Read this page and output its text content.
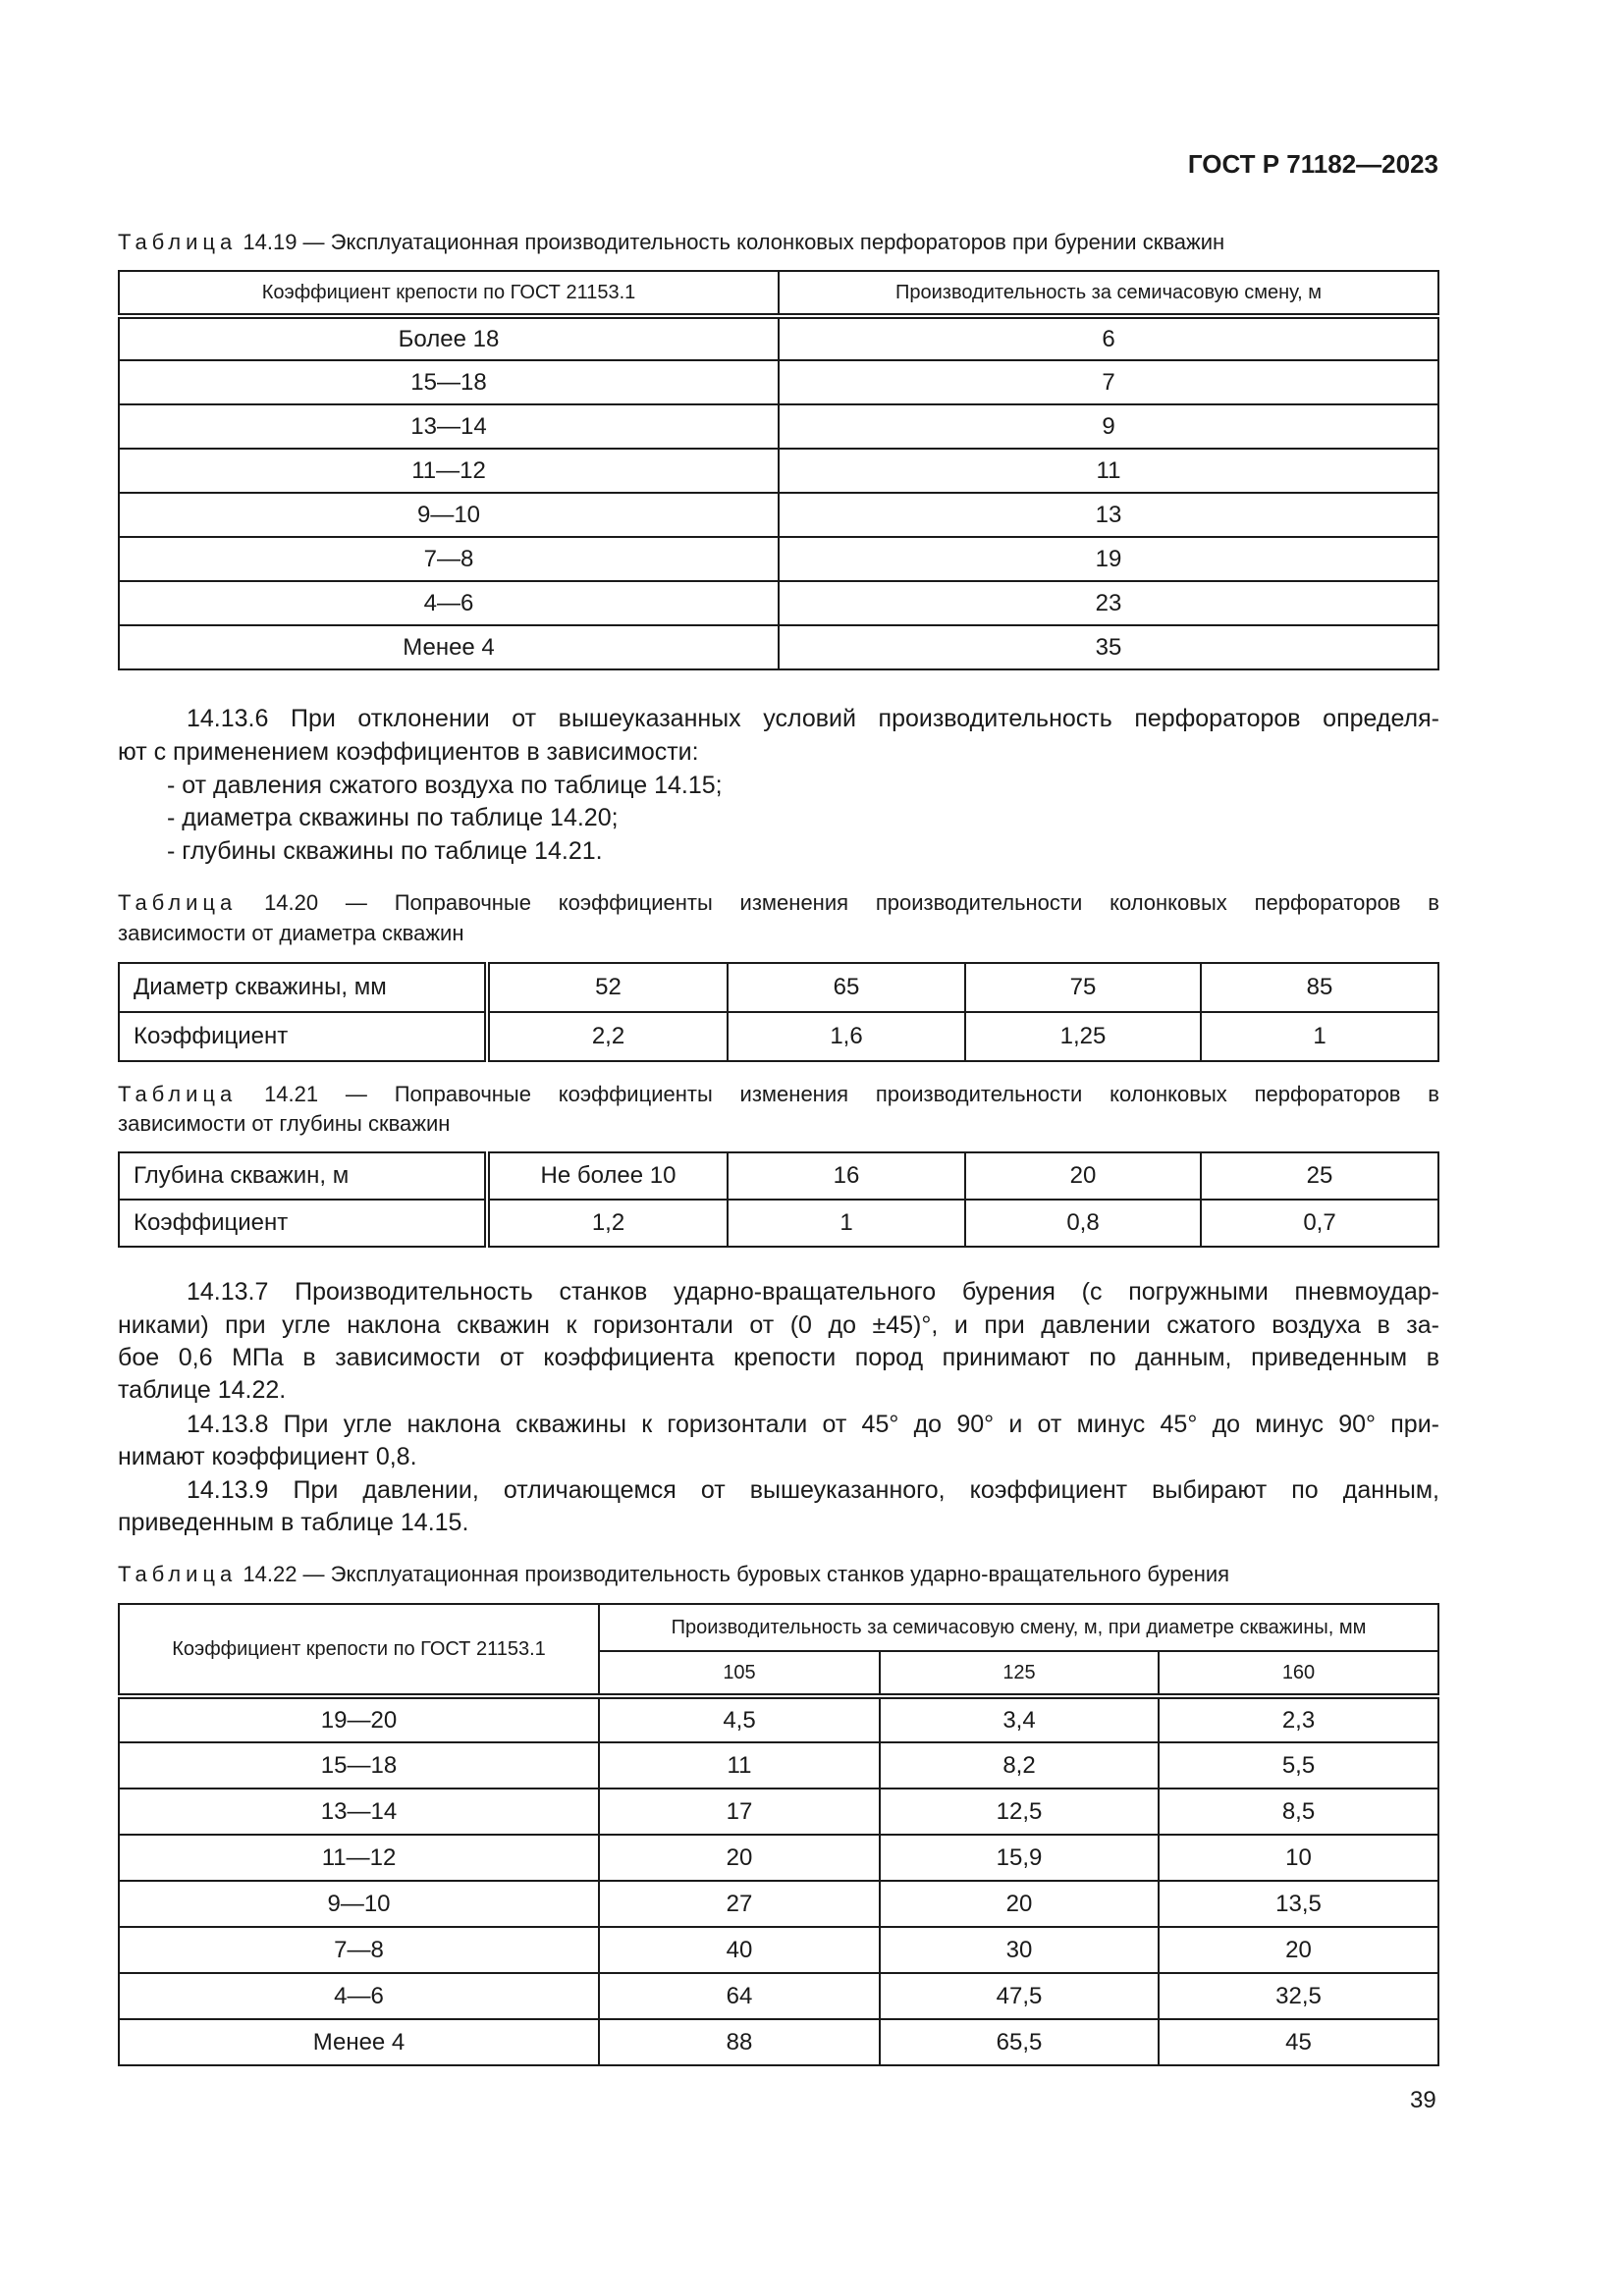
ГОСТ Р 71182—2023
Таблица 14.19 — Эксплуатационная производительность колонковых перфораторов при бурении скважин
Коэффициент крепости по ГОСТ 21153.1	Производительность за семичасовую смену, м
Более 18	6
15—18	7
13—14	9
11—12	11
9—10	13
7—8	19
4—6	23
Менее 4	35
14.13.6 При отклонении от вышеуказанных условий производительность перфораторов определя-
ют с применением коэффициентов в зависимости:
- от давления сжатого воздуха по таблице 14.15;
- диаметра скважины по таблице 14.20;
- глубины скважины по таблице 14.21.
Таблица 14.20 — Поправочные коэффициенты изменения производительности колонковых перфораторов в
зависимости от диаметра скважин
Диаметр скважины, мм	52	65	75	85
Коэффициент	2,2	1,6	1,25	1
Таблица 14.21 — Поправочные коэффициенты изменения производительности колонковых перфораторов в
зависимости от глубины скважин
Глубина скважин, м	Не более 10	16	20	25
Коэффициент	1,2	1	0,8	0,7
14.13.7 Производительность станков ударно-вращательного бурения (с погружными пневмоудар-
никами) при угле наклона скважин к горизонтали от (0 до ±45)°, и при давлении сжатого воздуха в за-
бое 0,6 МПа в зависимости от коэффициента крепости пород принимают по данным, приведенным в
таблице 14.22.
14.13.8 При угле наклона скважины к горизонтали от 45° до 90° и от минус 45° до минус 90° при-
нимают коэффициент 0,8.
14.13.9 При давлении, отличающемся от вышеуказанного, коэффициент выбирают по данным,
приведенным в таблице 14.15.
Таблица 14.22 — Эксплуатационная производительность буровых станков ударно-вращательного бурения
Коэффициент крепости по ГОСТ 21153.1	Производительность за семичасовую смену, м, при диаметре скважины, мм		
	105	125	160
19—20	4,5	3,4	2,3
15—18	11	8,2	5,5
13—14	17	12,5	8,5
11—12	20	15,9	10
9—10	27	20	13,5
7—8	40	30	20
4—6	64	47,5	32,5
Менее 4	88	65,5	45
39
